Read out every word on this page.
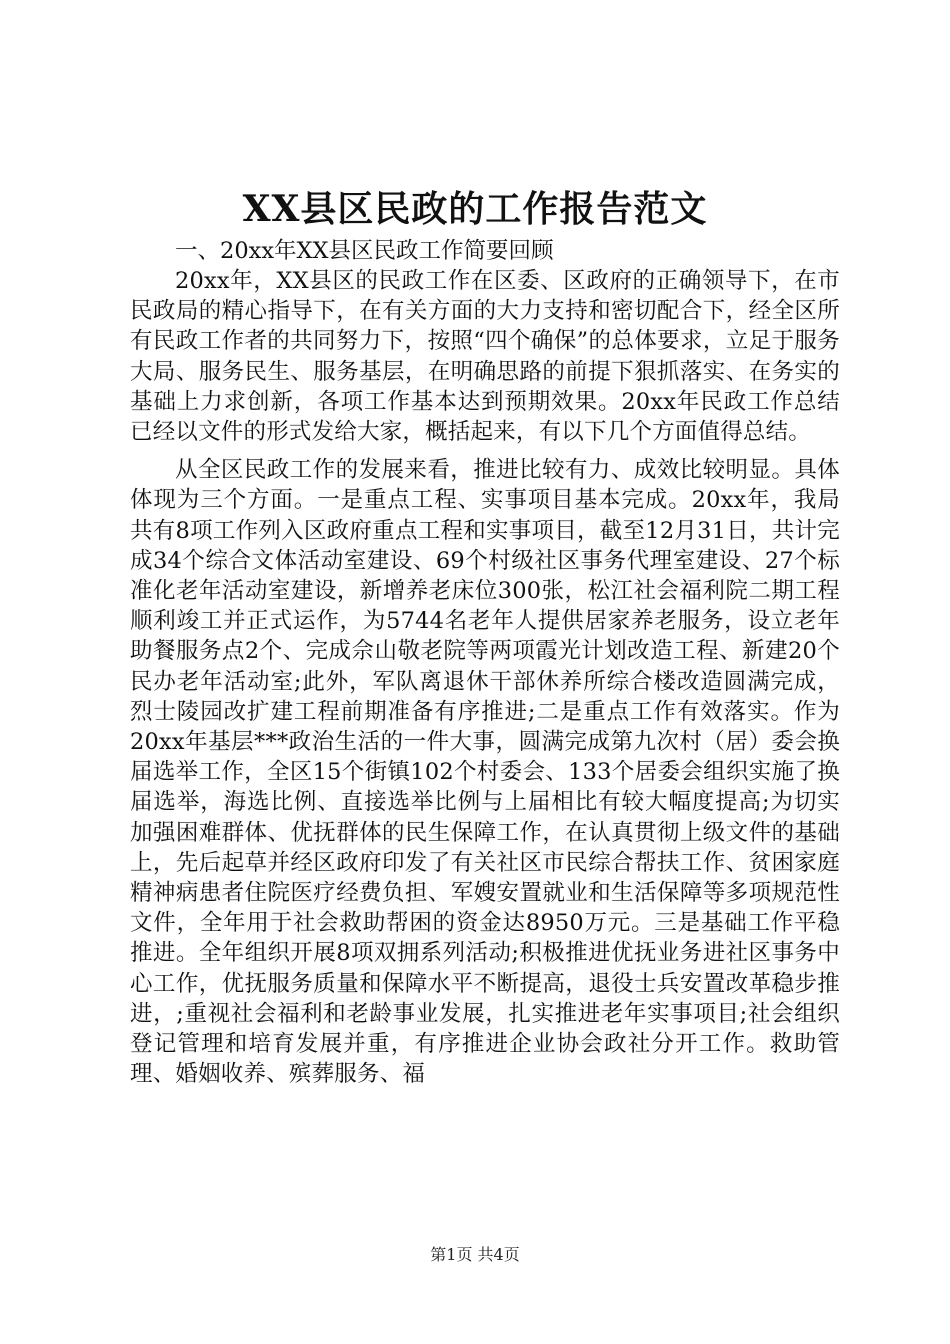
XX县区民政的工作报告范文

一、20xx年XX县区民政工作简要回顾

20xx年，XX县区的民政工作在区委、区政府的正确领导下，在市民政局的精心指导下，在有关方面的大力支持和密切配合下，经全区所有民政工作者的共同努力下，按照“四个确保”的总体要求，立足于服务大局、服务民生、服务基层，在明确思路的前提下狠抓落实、在务实的基础上力求创新，各项工作基本达到预期效果。20xx年民政工作总结已经以文件的形式发给大家，概括起来，有以下几个方面值得总结。

从全区民政工作的发展来看，推进比较有力、成效比较明显。具体体现为三个方面。一是重点工程、实事项目基本完成。20xx年，我局共有8项工作列入区政府重点工程和实事项目，截至12月31日，共计完成34个综合文体活动室建设、69个村级社区事务代理室建设、27个标准化老年活动室建设，新增养老床位300张，松江社会福利院二期工程顺利竣工并正式运作，为5744名老年人提供居家养老服务，设立老年助餐服务点2个、完成佘山敬老院等两项霞光计划改造工程、新建20个民办老年活动室;此外，军队离退休干部休养所综合楼改造圆满完成，烈士陵园改扩建工程前期准备有序推进;二是重点工作有效落实。作为20xx年基层***政治生活的一件大事，圆满完成第九次村（居）委会换届选举工作，全区15个街镇102个村委会、133个居委会组织实施了换届选举，海选比例、直接选举比例与上届相比有较大幅度提高;为切实加强困难群体、优抚群体的民生保障工作，在认真贯彻上级文件的基础上，先后起草并经区政府印发了有关社区市民综合帮扶工作、贫困家庭精神病患者住院医疗经费负担、军嫂安置就业和生活保障等多项规范性文件，全年用于社会救助帮困的资金达8950万元。三是基础工作平稳推进。全年组织开展8项双拥系列活动;积极推进优抚业务进社区事务中心工作，优抚服务质量和保障水平不断提高，退役士兵安置改革稳步推进，;重视社会福利和老龄事业发展，扎实推进老年实事项目;社会组织登记管理和培育发展并重，有序推进企业协会政社分开工作。救助管理、婚姻收养、殡葬服务、福

第1页 共4页
